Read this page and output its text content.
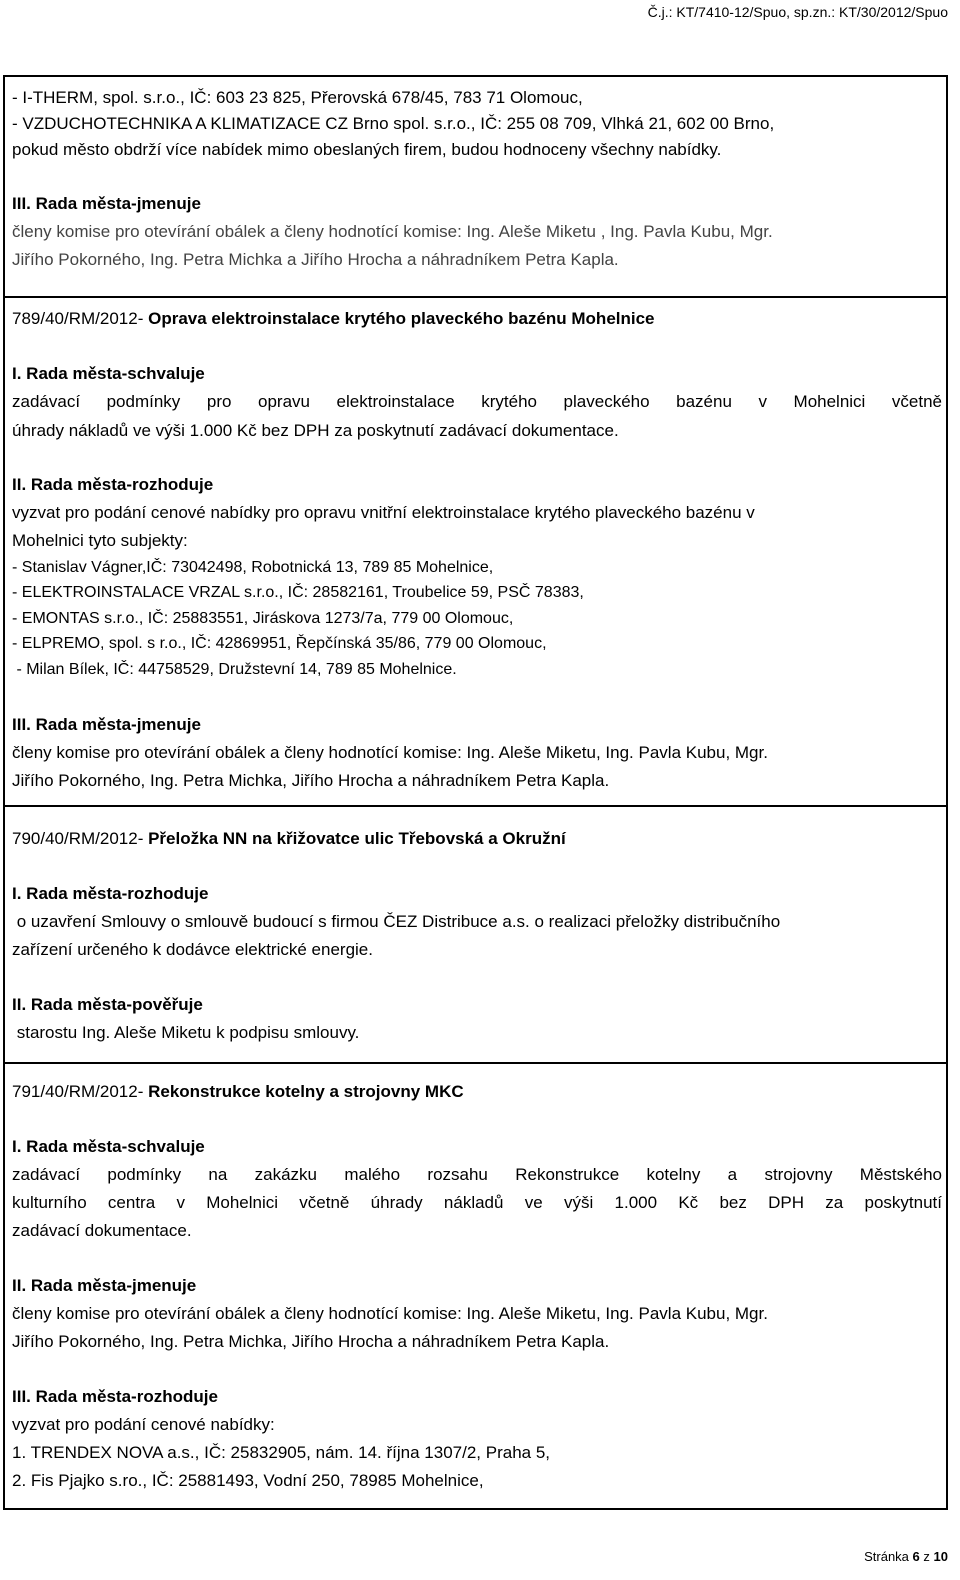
Č.j.: KT/7410-12/Spuo, sp.zn.: KT/30/2012/Spuo
- I-THERM, spol. s.r.o., IČ: 603 23 825, Přerovská 678/45, 783 71 Olomouc,
- VZDUCHOTECHNIKA A KLIMATIZACE CZ Brno spol. s.r.o., IČ: 255 08 709, Vlhká 21, 602 00 Brno,
pokud město obdrží více nabídek mimo obeslaných firem, budou hodnoceny všechny nabídky.
III. Rada města-jmenuje
členy komise pro otevírání obálek a členy hodnotící komise: Ing. Aleše Miketu , Ing. Pavla Kubu, Mgr.
Jiřího Pokorného, Ing. Petra Michka a Jiřího Hrocha a náhradníkem Petra Kapla.
789/40/RM/2012- Oprava elektroinstalace krytého plaveckého bazénu Mohelnice
I. Rada města-schvaluje
zadávací podmínky pro opravu elektroinstalace krytého plaveckého bazénu v Mohelnici včetně
úhrady nákladů ve výši 1.000 Kč bez DPH za poskytnutí zadávací dokumentace.
II. Rada města-rozhoduje
vyzvat pro podání cenové nabídky pro opravu vnitřní elektroinstalace krytého plaveckého bazénu v
Mohelnici tyto subjekty:
- Stanislav Vágner,IČ: 73042498, Robotnická 13, 789 85 Mohelnice,
- ELEKTROINSTALACE VRZAL s.r.o., IČ: 28582161, Troubelice 59, PSČ 78383,
- EMONTAS s.r.o., IČ: 25883551, Jiráskova 1273/7a, 779 00 Olomouc,
- ELPREMO, spol. s r.o., IČ: 42869951, Řepčínská 35/86, 779 00 Olomouc,
- Milan Bílek, IČ: 44758529, Družstevní 14, 789 85 Mohelnice.
III. Rada města-jmenuje
členy komise pro otevírání obálek a členy hodnotící komise: Ing. Aleše Miketu, Ing. Pavla Kubu, Mgr.
Jiřího Pokorného, Ing. Petra Michka, Jiřího Hrocha a náhradníkem Petra Kapla.
790/40/RM/2012- Přeložka NN na křižovatce ulic Třebovská a Okružní
I. Rada města-rozhoduje
o uzavření Smlouvy o smlouvě budoucí s firmou ČEZ Distribuce a.s. o realizaci přeložky distribučního
zařízení určeného k dodávce elektrické energie.
II. Rada města-pověřuje
starostu Ing. Aleše Miketu k podpisu smlouvy.
791/40/RM/2012- Rekonstrukce kotelny a strojovny MKC
I. Rada města-schvaluje
zadávací podmínky na zakázku malého rozsahu Rekonstrukce kotelny a strojovny Městského
kulturního centra v Mohelnici včetně úhrady nákladů ve výši 1.000 Kč bez DPH za poskytnutí
zadávací dokumentace.
II. Rada města-jmenuje
členy komise pro otevírání obálek a členy hodnotící komise: Ing. Aleše Miketu, Ing. Pavla Kubu, Mgr.
Jiřího Pokorného, Ing. Petra Michka, Jiřího Hrocha a náhradníkem Petra Kapla.
III. Rada města-rozhoduje
vyzvat pro podání cenové nabídky:
1. TRENDEX NOVA a.s., IČ: 25832905, nám. 14. října 1307/2, Praha 5,
2. Fis Pjajko s.ro., IČ: 25881493, Vodní 250, 78985 Mohelnice,
Stránka 6 z 10
